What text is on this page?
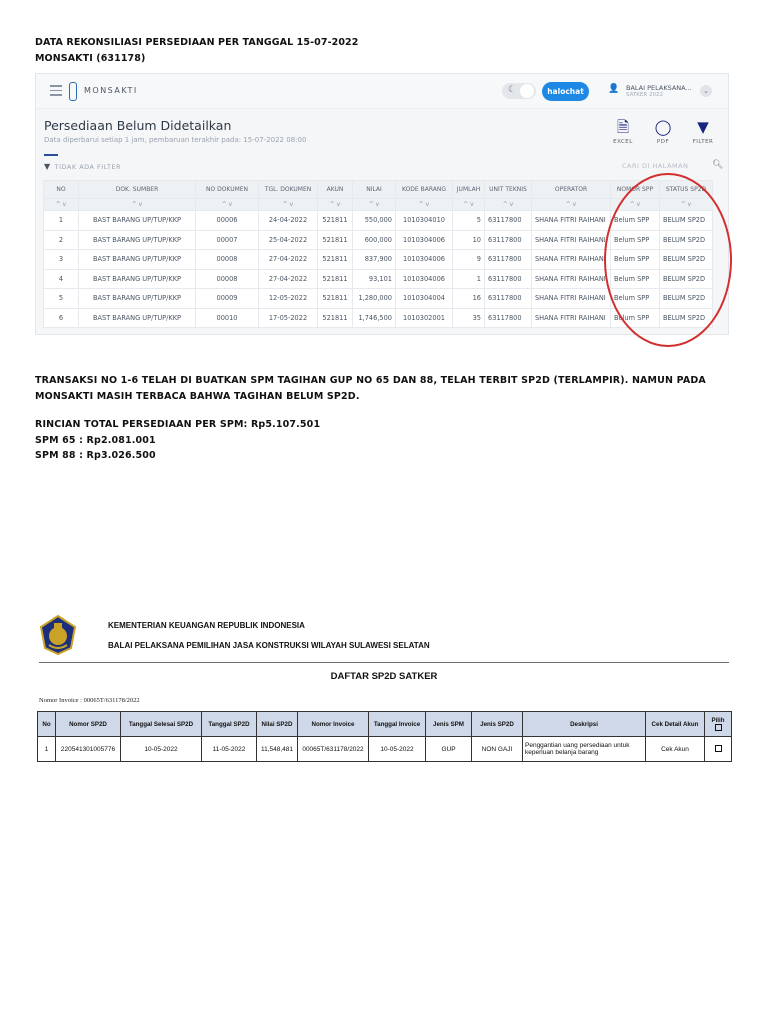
DATA REKONSILIASI PERSEDIAAN PER TANGGAL 15-07-2022
MONSAKTI (631178)
MONSAKTI	☾	halochat	👤 BALAI PELAKSANA...
SATKER 2022	⌄
Persediaan Belum Didetailkan
Data diperbarui setiap 1 jam, pembaruan terakhir pada: 15-07-2022 08:00
🗎
EXCEL
◯
PDF
▼
FILTER
▼ TIDAK ADA FILTER	CARI DI HALAMAN	🔍︎
NO	DOK. SUMBER	NO DOKUMEN	TGL. DOKUMEN	AKUN	NILAI	KODE BARANG	JUMLAH	UNIT TEKNIS	OPERATOR	NOMOR SPP	STATUS SP2D
^ v	^ v	^ v	^ v	^ v	^ v	^ v	^ v	^ v	^ v	^ v	^ v
1	BAST BARANG UP/TUP/KKP	00006	24-04-2022	521811	550,000	1010304010	5	63117800	SHANA FITRI RAIHANI	Belum SPP	BELUM SP2D
2	BAST BARANG UP/TUP/KKP	00007	25-04-2022	521811	600,000	1010304006	10	63117800	SHANA FITRI RAIHANI	Belum SPP	BELUM SP2D
3	BAST BARANG UP/TUP/KKP	00008	27-04-2022	521811	837,900	1010304006	9	63117800	SHANA FITRI RAIHANI	Belum SPP	BELUM SP2D
4	BAST BARANG UP/TUP/KKP	00008	27-04-2022	521811	93,101	1010304006	1	63117800	SHANA FITRI RAIHANI	Belum SPP	BELUM SP2D
5	BAST BARANG UP/TUP/KKP	00009	12-05-2022	521811	1,280,000	1010304004	16	63117800	SHANA FITRI RAIHANI	Belum SPP	BELUM SP2D
6	BAST BARANG UP/TUP/KKP	00010	17-05-2022	521811	1,746,500	1010302001	35	63117800	SHANA FITRI RAIHANI	Belum SPP	BELUM SP2D
TRANSAKSI NO 1-6 TELAH DI BUATKAN SPM TAGIHAN GUP NO 65 DAN 88, TELAH TERBIT SP2D (TERLAMPIR). NAMUN PADA MONSAKTI MASIH TERBACA BAHWA TAGIHAN BELUM SP2D.
RINCIAN TOTAL PERSEDIAAN PER SPM: Rp5.107.501
SPM 65 : Rp2.081.001
SPM 88 : Rp3.026.500
KEMENTERIAN KEUANGAN REPUBLIK INDONESIA
BALAI PELAKSANA PEMILIHAN JASA KONSTRUKSI WILAYAH SULAWESI SELATAN
DAFTAR SP2D SATKER
Nomor Invoice : 00065T/631178/2022
No	Nomor SP2D	Tanggal Selesai SP2D	Tanggal SP2D	Nilai SP2D	Nomor Invoice	Tanggal Invoice	Jenis SPM	Jenis SP2D	Deskripsi	Cek Detail Akun	Pilih

1	220541301005776	10-05-2022	11-05-2022	11,548,481	00065T/631178/2022	10-05-2022	GUP	NON GAJI	Penggantian uang persediaan untuk keperluan belanja barang	Cek Akun	
